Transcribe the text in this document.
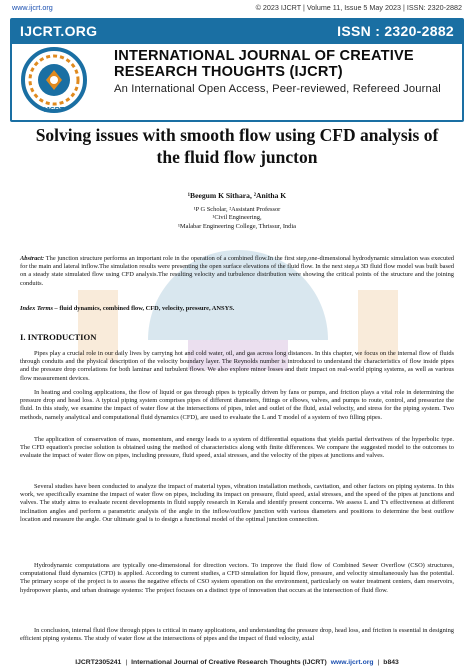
www.ijcrt.org	© 2023 IJCRT | Volume 11, Issue 5 May 2023 | ISSN: 2320-2882
IJCRT.ORG	ISSN : 2320-2882
IJCRT
INTERNATIONAL JOURNAL OF CREATIVE
RESEARCH THOUGHTS (IJCRT)
An International Open Access, Peer-reviewed, Refereed Journal
Solving issues with smooth flow using CFD analysis of
the fluid flow juncton
¹Beegum K Sithara, ²Anitha K
¹P G Scholar, ²Assistant Professor
¹Civil Engineering,
¹Malabar Engineering College, Thrissur, India
Abstract: The junction structure performs an important role in the operation of a combined flow.In the first step,one-dimensional hydrodynamic simulation was executed for the main and lateral inflow.The simulation results were presenting the open surface elevations of the fluid flow. In the next step,a 3D fluid flow model was built based on a steady state simulated flow using CFD analysis.The resulting velocity and turbulence distribution were showing the critical points of the structure and the joining conduits.
Index Terms – fluid dynamics, combined flow, CFD, velocity, pressure, ANSYS.
I. INTRODUCTION
Pipes play a crucial role in our daily lives by carrying hot and cold water, oil, and gas across long distances. In this chapter, we focus on the internal flow of fluids through conduits and the physical description of the velocity boundary layer. The Reynolds number is introduced to understand the characteristics of flow inside pipes and the pressure drop correlations for both laminar and turbulent flows. We also explore minor losses and their impact on real-world piping systems, as well as various flow measurement devices.
In heating and cooling applications, the flow of liquid or gas through pipes is typically driven by fans or pumps, and friction plays a vital role in determining the pressure drop and head loss. A typical piping system comprises pipes of different diameters, fittings or elbows, valves, and pumps to route, control, and pressurize the fluid. In this study, we examine the impact of water flow at the intersections of pipes, inlet and outlet of the fluid, axial velocity, and stress for the piping system. Two methods, namely analytical and computational fluid dynamics (CFD), are used to evaluate the L and T model of a system of two filling pipes.
The application of conservation of mass, momentum, and energy leads to a system of differential equations that yields partial derivatives of the hyperbolic type. The CFD equation's precise solution is obtained using the method of characteristics along with finite differences. We compare the suggested model to the outcomes to evaluate the impact of water flow on pipes, including pressure, fluid speed, axial stresses, and the velocity of the pipes at junctions and valves.
Several studies have been conducted to analyze the impact of material types, vibration installation methods, cavitation, and other factors on piping systems. In this work, we specifically examine the impact of water flow on pipes, including its impact on pressure, fluid speed, axial stresses, and the speed of the pipes at junctions and valves. The study aims to evaluate recent developments in fluid supply research in Kerala and identify present concerns. We assess L and T's effectiveness at different inclination angles and perform a parametric analysis of the angle in the inflow/outflow junction with various diameters and positions to determine the best outflow location and measure the angle. Our ultimate goal is to design a functional model of the optimal junction connection.
Hydrodynamic computations are typically one-dimensional for direction vectors. To improve the fluid flow of Combined Sewer Overflow (CSO) structures, computational fluid dynamics (CFD) is applied. According to current studies, a CFD simulation for liquid flow, pressure, and velocity simultaneously has the potential. The primary scope of the project is to assess the negative effects of CSO system operation on the environment, particularly on water treatment centers, dam reservoirs, hydropower plants, and urban drainage systems: The project focuses on a distinct type of innovation that occurs at the intersection of fluid flow.
In conclusion, internal fluid flow through pipes is critical in many applications, and understanding the pressure drop, head loss, and friction is essential in designing efficient piping systems. The study of water flow at the intersections of pipes and the impact of fluid velocity, axial
IJCRT2305241 | International Journal of Creative Research Thoughts (IJCRT) www.ijcrt.org | b843
